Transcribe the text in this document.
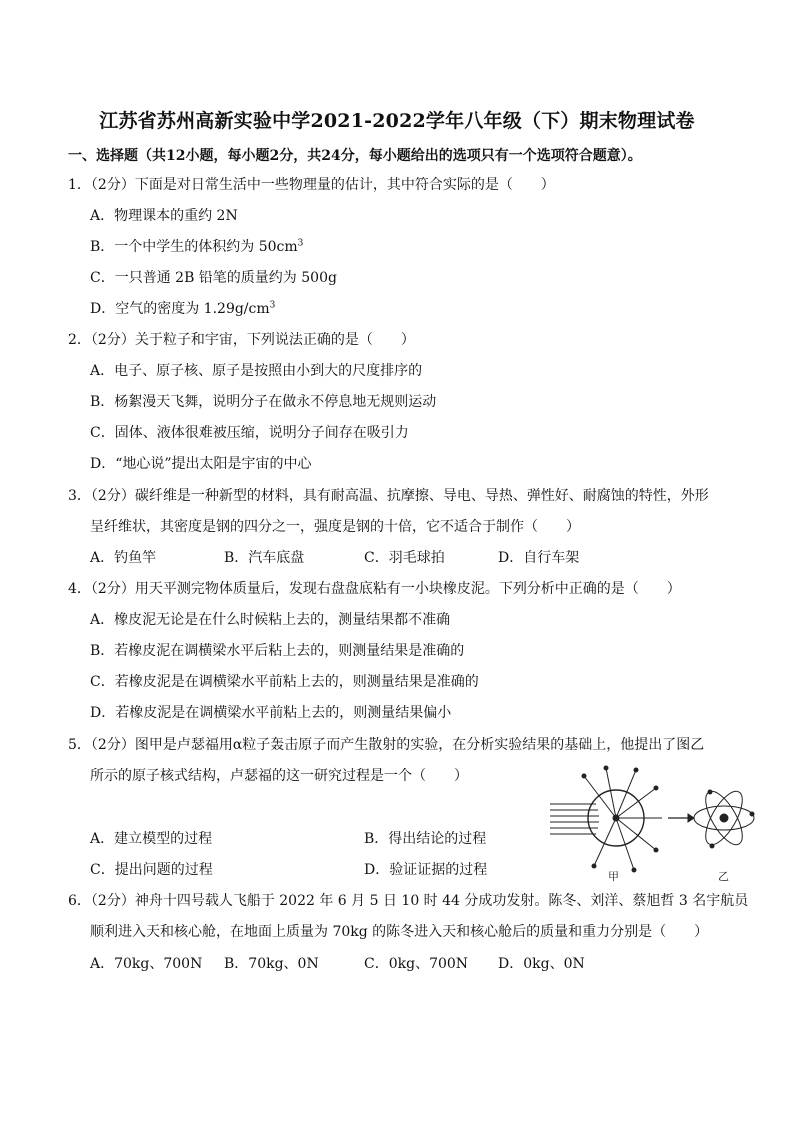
江苏省苏州高新实验中学2021-2022学年八年级（下）期末物理试卷
一、选择题（共12小题，每小题2分，共24分，每小题给出的选项只有一个选项符合题意）。
1．（2分）下面是对日常生活中一些物理量的估计，其中符合实际的是（　　）
A．物理课本的重约 2N
B．一个中学生的体积约为 $50cm^3$
C．一只普通 2B 铅笔的质量约为 500g
D．空气的密度为 $1.29g/cm^3$
2．（2分）关于粒子和宇宙，下列说法正确的是（　　）
A．电子、原子核、原子是按照由小到大的尺度排序的
B．杨絮漫天飞舞，说明分子在做永不停息地无规则运动
C．固体、液体很难被压缩，说明分子间存在吸引力
D．“地心说”提出太阳是宇宙的中心
3．（2分）碳纤维是一种新型的材料，具有耐高温、抗摩擦、导电、导热、弹性好、耐腐蚀的特性，外形
呈纤维状，其密度是钢的四分之一，强度是钢的十倍，它不适合于制作（　　）
A．钓鱼竿	B．汽车底盘	C．羽毛球拍	D．自行车架
4．（2分）用天平测完物体质量后，发现右盘盘底粘有一小块橡皮泥。下列分析中正确的是（　　）
A．橡皮泥无论是在什么时候粘上去的，测量结果都不准确
B．若橡皮泥在调横梁水平后粘上去的，则测量结果是准确的
C．若橡皮泥是在调横梁水平前粘上去的，则测量结果是准确的
D．若橡皮泥是在调横梁水平前粘上去的，则测量结果偏小
5．（2分）图甲是卢瑟福用α粒子轰击原子而产生散射的实验，在分析实验结果的基础上，他提出了图乙
所示的原子核式结构，卢瑟福的这一研究过程是一个（　　）
A．建立模型的过程	B．得出结论的过程
C．提出问题的过程	D．验证证据的过程	甲	乙
6．（2分）神舟十四号载人飞船于 2022 年 6 月 5 日 10 时 44 分成功发射。陈冬、刘洋、蔡旭哲 3 名宇航员
顺利进入天和核心舱，在地面上质量为 70kg 的陈冬进入天和核心舱后的质量和重力分别是（　　）
A．70kg、700N B．70kg、0N	C．0kg、700N D．0kg、0N
